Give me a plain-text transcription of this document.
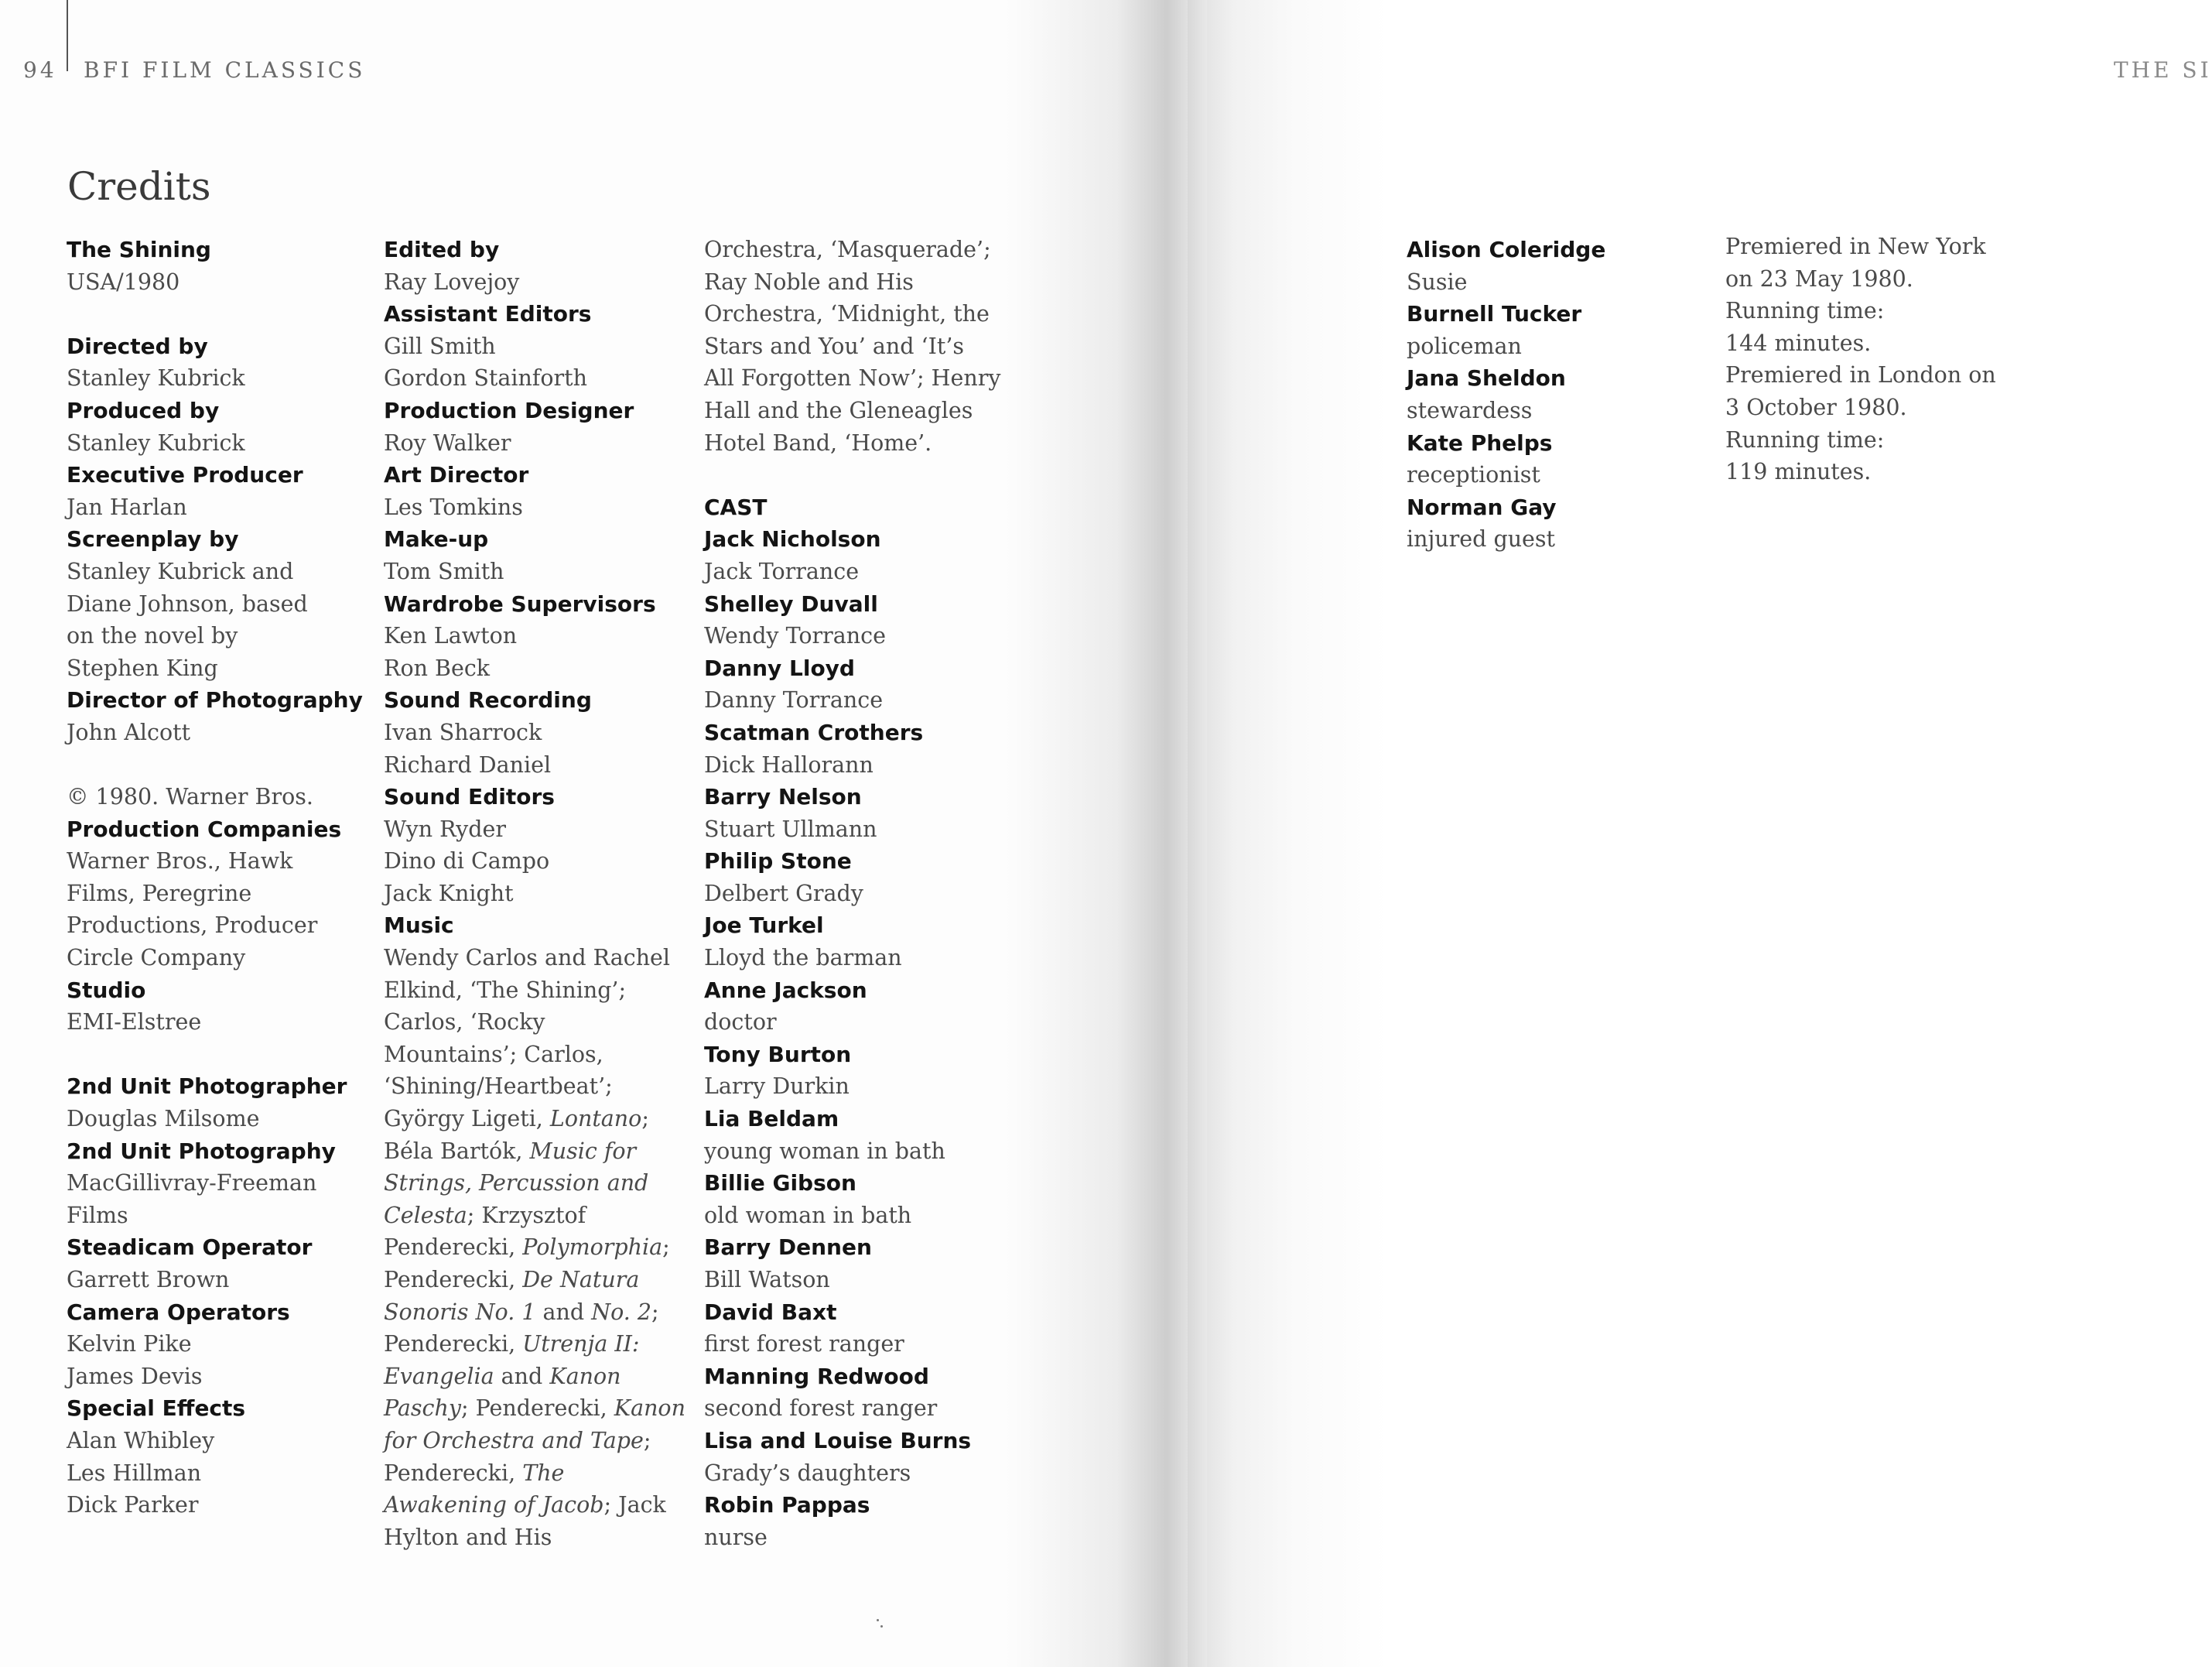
94 BFI FILM CLASSICS	THE SI
Credits
The Shining
USA/1980
Directed by
Stanley Kubrick
Produced by
Stanley Kubrick
Executive Producer
Jan Harlan
Screenplay by
Stanley Kubrick and
Diane Johnson, based
on the novel by
Stephen King
Director of Photography
John Alcott
© 1980. Warner Bros.
Production Companies
Warner Bros., Hawk
Films, Peregrine
Productions, Producer
Circle Company
Studio
EMI-Elstree
2nd Unit Photographer
Douglas Milsome
2nd Unit Photography
MacGillivray-Freeman
Films
Steadicam Operator
Garrett Brown
Camera Operators
Kelvin Pike
James Devis
Special Effects
Alan Whibley
Les Hillman
Dick Parker
Edited by
Ray Lovejoy
Assistant Editors
Gill Smith
Gordon Stainforth
Production Designer
Roy Walker
Art Director
Les Tomkins
Make-up
Tom Smith
Wardrobe Supervisors
Ken Lawton
Ron Beck
Sound Recording
Ivan Sharrock
Richard Daniel
Sound Editors
Wyn Ryder
Dino di Campo
Jack Knight
Music
Wendy Carlos and Rachel
Elkind, ‘The Shining’;
Carlos, ‘Rocky
Mountains’; Carlos,
‘Shining/Heartbeat’;
György Ligeti, Lontano;
Béla Bartók, Music for
Strings, Percussion and
Celesta; Krzysztof
Penderecki, Polymorphia;
Penderecki, De Natura
Sonoris No. 1 and No. 2;
Penderecki, Utrenja II:
Evangelia and Kanon
Paschy; Penderecki, Kanon
for Orchestra and Tape;
Penderecki, The
Awakening of Jacob; Jack
Hylton and His
Orchestra, ‘Masquerade’;
Ray Noble and His
Orchestra, ‘Midnight, the
Stars and You’ and ‘It’s
All Forgotten Now’; Henry
Hall and the Gleneagles
Hotel Band, ‘Home’.
CAST
Jack Nicholson
Jack Torrance
Shelley Duvall
Wendy Torrance
Danny Lloyd
Danny Torrance
Scatman Crothers
Dick Hallorann
Barry Nelson
Stuart Ullmann
Philip Stone
Delbert Grady
Joe Turkel
Lloyd the barman
Anne Jackson
doctor
Tony Burton
Larry Durkin
Lia Beldam
young woman in bath
Billie Gibson
old woman in bath
Barry Dennen
Bill Watson
David Baxt
first forest ranger
Manning Redwood
second forest ranger
Lisa and Louise Burns
Grady’s daughters
Robin Pappas
nurse
Alison Coleridge
Susie
Burnell Tucker
policeman
Jana Sheldon
stewardess
Kate Phelps
receptionist
Norman Gay
injured guest
Premiered in New York
on 23 May 1980.
Running time:
144 minutes.
Premiered in London on
3 October 1980.
Running time:
119 minutes.
